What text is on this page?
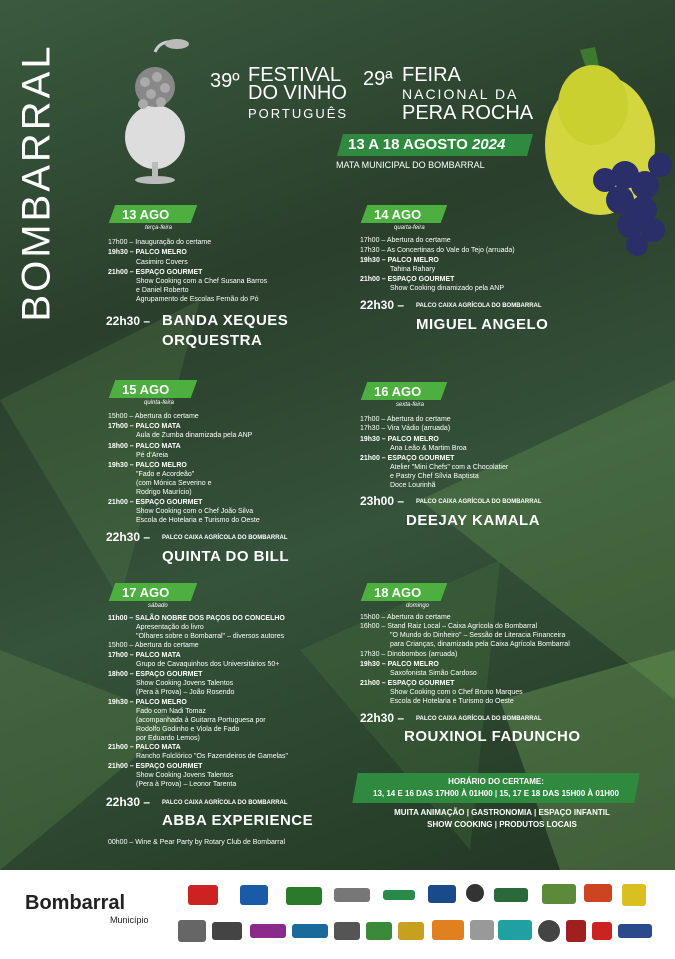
BOMBARRAL	39º FESTIVAL
DO VINHO
PORTUGUÊS
29ª FEIRA
NACIONAL DA
PERA ROCHA
13 A 18 AGOSTO 2024
MATA MUNICIPAL DO BOMBARRAL
13 AGO
terça-feira
17h00 – Inauguração do certame
19h30 – PALCO MELRO
Casimiro Covers
21h00 – ESPAÇO GOURMET
Show Cooking com a Chef Susana Barros
e Daniel Roberto
Agrupamento de Escolas Fernão do Pó
22h30 – BANDA XEQUES
ORQUESTRA
14 AGO
quarta-feira
17h00 – Abertura do certame
17h30 – As Concertinas do Vale do Tejo (arruada)
19h30 – PALCO MELRO
Tahina Rahary
21h00 – ESPAÇO GOURMET
Show Cooking dinamizado pela ANP
22h30 – PALCO CAIXA AGRÍCOLA DO BOMBARRAL
MIGUEL ANGELO
15 AGO
quinta-feira
15h00 – Abertura do certame
17h00 – PALCO MATA
Aula de Zumba dinamizada pela ANP
18h00 – PALCO MATA
Pé d'Areia
19h30 – PALCO MELRO
"Fado e Acordeão"
(com Mónica Severino e
Rodrigo Maurício)
21h00 – ESPAÇO GOURMET
Show Cooking com o Chef João Silva
Escola de Hotelaria e Turismo do Oeste
22h30 – PALCO CAIXA AGRÍCOLA DO BOMBARRAL
QUINTA DO BILL
16 AGO
sexta-feira
17h00 – Abertura do certame
17h30 – Vira Vádio (arruada)
19h30 – PALCO MELRO
Ana Leão & Martim Broa
21h00 – ESPAÇO GOURMET
Atelier "Mini Chefs" com a Chocolatier
e Pastry Chef Sílvia Baptista
Doce Lourinhã
23h00 – PALCO CAIXA AGRÍCOLA DO BOMBARRAL
DEEJAY KAMALA
17 AGO
sábado
11h00 – SALÃO NOBRE DOS PAÇOS DO CONCELHO
Apresentação do livro
"Olhares sobre o Bombarral" – diversos autores
15h00 – Abertura do certame
17h00 – PALCO MATA
Grupo de Cavaquinhos dos Universitários 50+
18h00 – ESPAÇO GOURMET
Show Cooking Jovens Talentos
(Pera à Prova) – João Rosendo
19h30 – PALCO MELRO
Fado com Nadi Tomaz
(acompanhada à Guitarra Portuguesa por
Rodolfo Godinho e Viola de Fado
por Eduardo Lemos)
21h00 – PALCO MATA
Rancho Folclórico "Os Fazendeiros de Gamelas"
21h00 – ESPAÇO GOURMET
Show Cooking Jovens Talentos
(Pera à Prova) – Leonor Tarenta
22h30 – PALCO CAIXA AGRÍCOLA DO BOMBARRAL
ABBA EXPERIENCE
00h00 – Wine & Pear Party by Rotary Club de Bombarral
18 AGO
domingo
15h00 – Abertura do certame
16h00 – Stand Raiz Local – Caixa Agrícola do Bombarral
"O Mundo do Dinheiro" – Sessão de Literacia Financeira
para Crianças, dinamizada pela Caixa Agrícola Bombarral
17h30 – Dinobombos (arruada)
19h30 – PALCO MELRO
Saxofonista Simão Cardoso
21h00 – ESPAÇO GOURMET
Show Cooking com o Chef Bruno Marques
Escola de Hotelaria e Turismo do Oeste
22h30 – PALCO CAIXA AGRÍCOLA DO BOMBARRAL
ROUXINOL FADUNCHO
HORÁRIO DO CERTAME:
13, 14 E 16 DAS 17H00 À 01H00 | 15, 17 E 18 DAS 15H00 À 01H00
MUITA ANIMAÇÃO | GASTRONOMIA | ESPAÇO INFANTIL
SHOW COOKING | PRODUTOS LOCAIS
Bombarral
Município
